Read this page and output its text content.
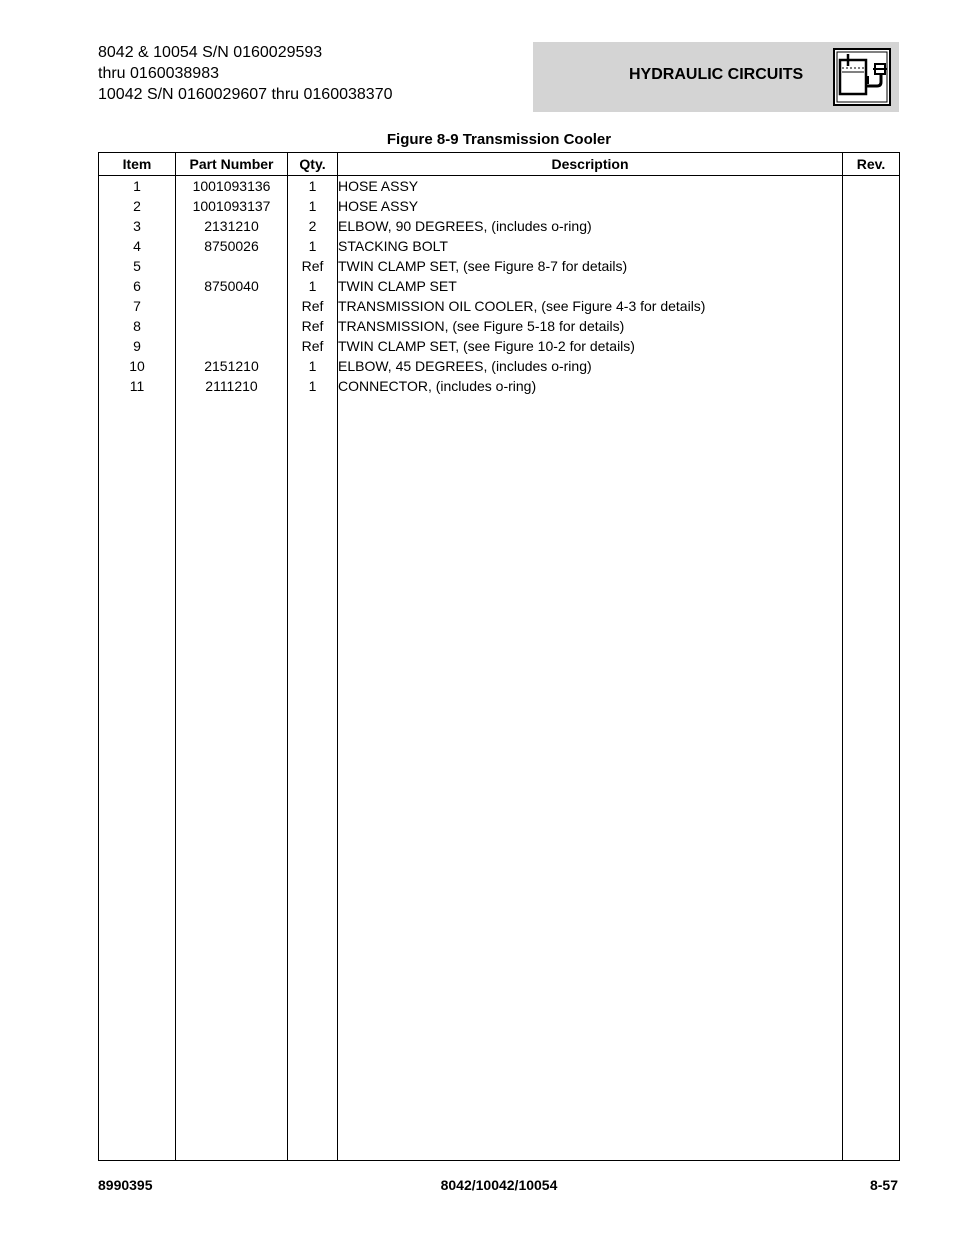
8042 & 10054 S/N 0160029593
thru 0160038983
10042 S/N 0160029607 thru 0160038370
HYDRAULIC CIRCUITS
Figure 8-9 Transmission Cooler
Item	Part Number	Qty.	Description	Rev.
1	1001093136	1	HOSE ASSY	
2	1001093137	1	HOSE ASSY	
3	2131210	2	ELBOW, 90 DEGREES, (includes o-ring)	
4	8750026	1	STACKING BOLT	
5		Ref	TWIN CLAMP SET, (see Figure 8-7 for details)	
6	8750040	1	TWIN CLAMP SET	
7		Ref	TRANSMISSION OIL COOLER, (see Figure 4-3 for details)	
8		Ref	TRANSMISSION, (see Figure 5-18 for details)	
9		Ref	TWIN CLAMP SET, (see Figure 10-2 for details)	
10	2151210	1	ELBOW, 45 DEGREES, (includes o-ring)	
11	2111210	1	CONNECTOR, (includes o-ring)	

8990395	8042/10042/10054	8-57
